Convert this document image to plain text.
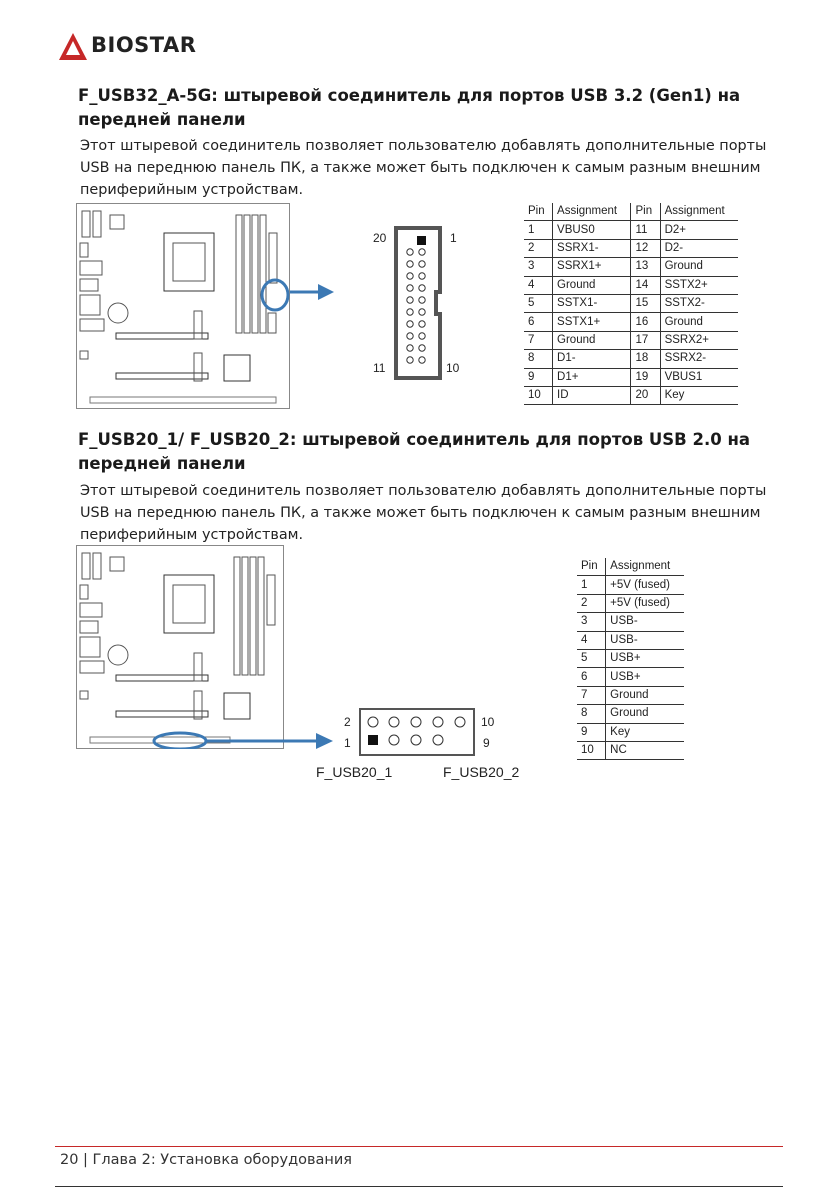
BIOSTAR
F_USB32_A-5G: штыревой соединитель для портов USB 3.2 (Gen1) на передней панели
Этот штыревой соединитель позволяет пользователю добавлять дополнительные порты USB на переднюю панель ПК, а также может быть подключен к самым разным внешним периферийным устройствам.
20	1
11	10
Pin	Assignment	Pin	Assignment
1	VBUS0	11	D2+
2	SSRX1-	12	D2-
3	SSRX1+	13	Ground
4	Ground	14	SSTX2+
5	SSTX1-	15	SSTX2-
6	SSTX1+	16	Ground
7	Ground	17	SSRX2+
8	D1-	18	SSRX2-
9	D1+	19	VBUS1
10	ID	20	Key
F_USB20_1/ F_USB20_2: штыревой соединитель для портов USB 2.0 на передней панели
Этот штыревой соединитель позволяет пользователю добавлять дополнительные порты USB на переднюю панель ПК, а также может быть подключен к самым разным внешним периферийным устройствам.
2	10
1	9
F_USB20_1	F_USB20_2
Pin	Assignment
1	+5V (fused)
2	+5V (fused)
3	USB-
4	USB-
5	USB+
6	USB+
7	Ground
8	Ground
9	Key
10	NC
20 | Глава 2: Установка оборудования
